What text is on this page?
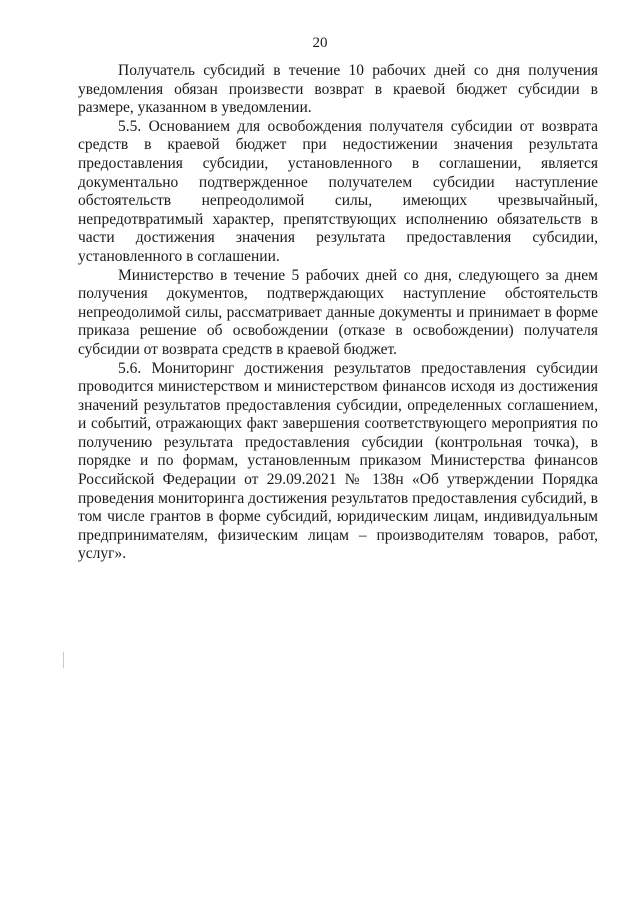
20

Получатель субсидий в течение 10 рабочих дней со дня получения уведомления обязан произвести возврат в краевой бюджет субсидии в размере, указанном в уведомлении.

5.5. Основанием для освобождения получателя субсидии от возврата средств в краевой бюджет при недостижении значения результата предоставления субсидии, установленного в соглашении, является документально подтвержденное получателем субсидии наступление обстоятельств непреодолимой силы, имеющих чрезвычайный, непредотвратимый характер, препятствующих исполнению обязательств в части достижения значения результата предоставления субсидии, установленного в соглашении.

Министерство в течение 5 рабочих дней со дня, следующего за днем получения документов, подтверждающих наступление обстоятельств непреодолимой силы, рассматривает данные документы и принимает в форме приказа решение об освобождении (отказе в освобождении) получателя субсидии от возврата средств в краевой бюджет.

5.6. Мониторинг достижения результатов предоставления субсидии проводится министерством и министерством финансов исходя из достижения значений результатов предоставления субсидии, определенных соглашением, и событий, отражающих факт завершения соответствующего мероприятия по получению результата предоставления субсидии (контрольная точка), в порядке и по формам, установленным приказом Министерства финансов Российской Федерации от 29.09.2021 № 138н «Об утверждении Порядка проведения мониторинга достижения результатов предоставления субсидий, в том числе грантов в форме субсидий, юридическим лицам, индивидуальным предпринимателям, физическим лицам – производителям товаров, работ, услуг».
